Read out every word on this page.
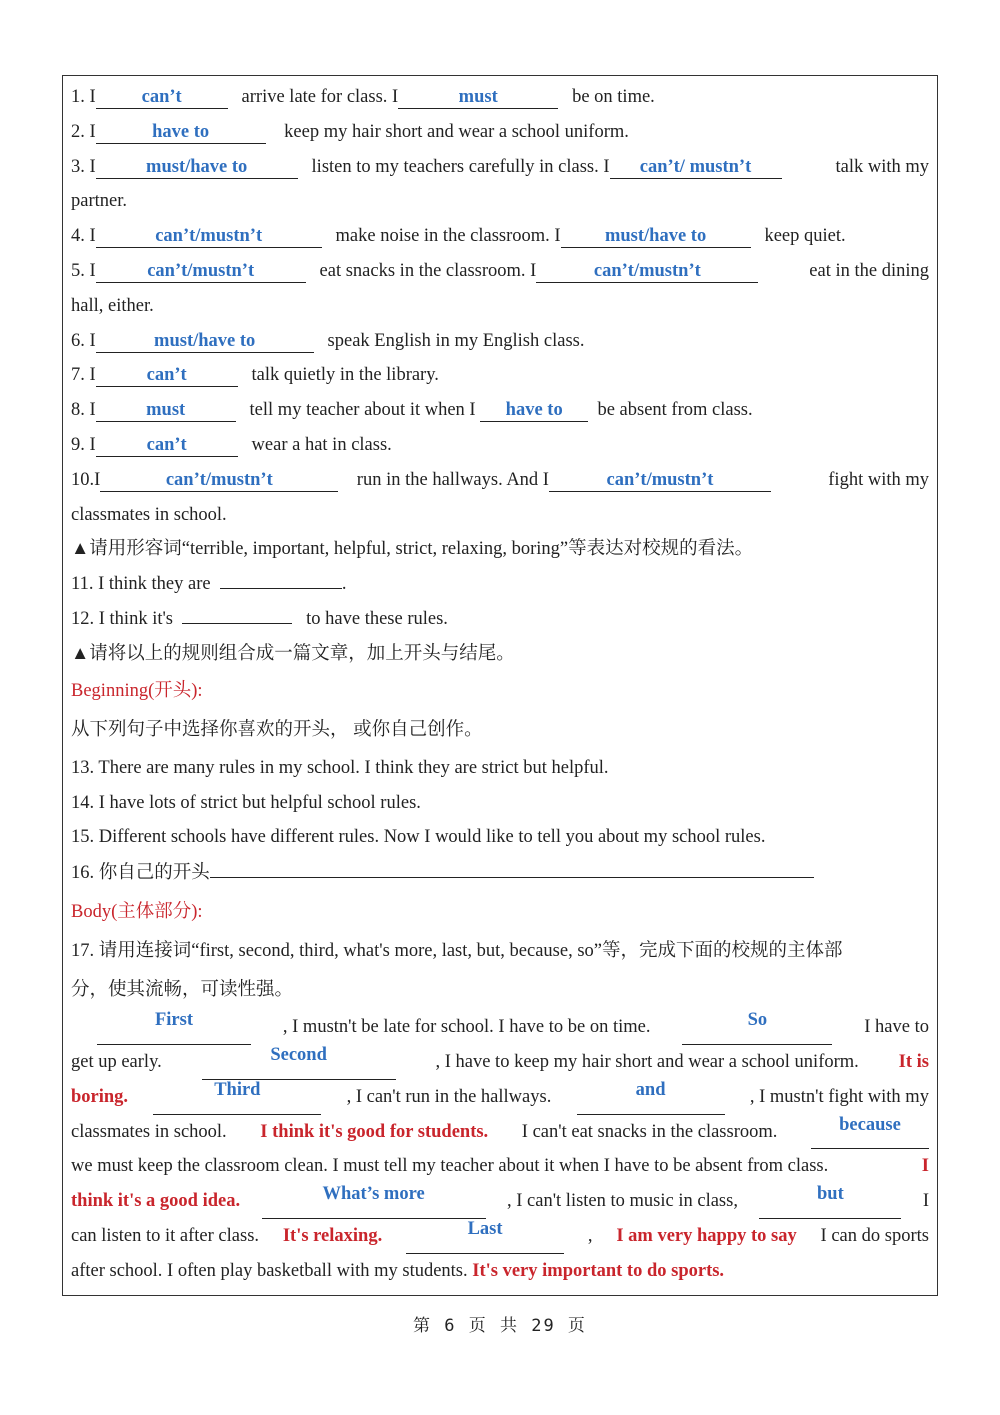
1. I can’t	arrive late for class. I	must	be on time.
2. I	have to	keep my hair short and wear a school uniform.
3. I	must/have to	listen to my teachers carefully in class. I can’t/ mustn’t	talk with my
partner.
4. I	can’t/mustn’t	make noise in the classroom. I must/have to	keep quiet.
5. I	can’t/mustn’t	eat snacks in the classroom. I	can’t/mustn’t	eat in the dining
hall, either.
6. I	must/have to	speak English in my English class.
7. I	can’t	talk quietly in the library.
8. I	must	tell my teacher about it when I have to be absent from class.
9. I	can’t	wear a hat in class.
10.I	can’t/mustn’t	run in the hallways. And I	can’t/mustn’t	fight with my
classmates in school.
▲请用形容词“terrible, important, helpful, strict, relaxing, boring”等表达对校规的看法。
11. I think they are	.
12. I think it's	to have these rules.
▲请将以上的规则组合成一篇文章，加上开头与结尾。
Beginning(开头):
从下列句子中选择你喜欢的开头， 或你自己创作。
13. There are many rules in my school. I think they are strict but helpful.
14. I have lots of strict but helpful school rules.
15. Different schools have different rules. Now I would like to tell you about my school rules.
16. 你自己的开头
Body(主体部分):
17. 请用连接词“first, second, third, what's more, last, but, because, so”等，完成下面的校规的主体部
分，使其流畅，可读性强。
First	, I mustn't be late for school. I have to be on time.	So	I have to
get up early.	Second	, I have to keep my hair short and wear a school uniform. It is
boring.	Third	, I can't run in the hallways.	and	, I mustn't fight with my
classmates in school. I think it's good for students. I can't eat snacks in the classroom.	because
we must keep the classroom clean. I must tell my teacher about it when I have to be absent from class.	I
think it's a good idea.	What’s more	, I can't listen to music in class,	but	I
can listen to it after class. It's relaxing.	Last	, I am very happy to say I can do sports
after school. I often play basketball with my students. It's very important to do sports.
第 6 页 共 29 页
